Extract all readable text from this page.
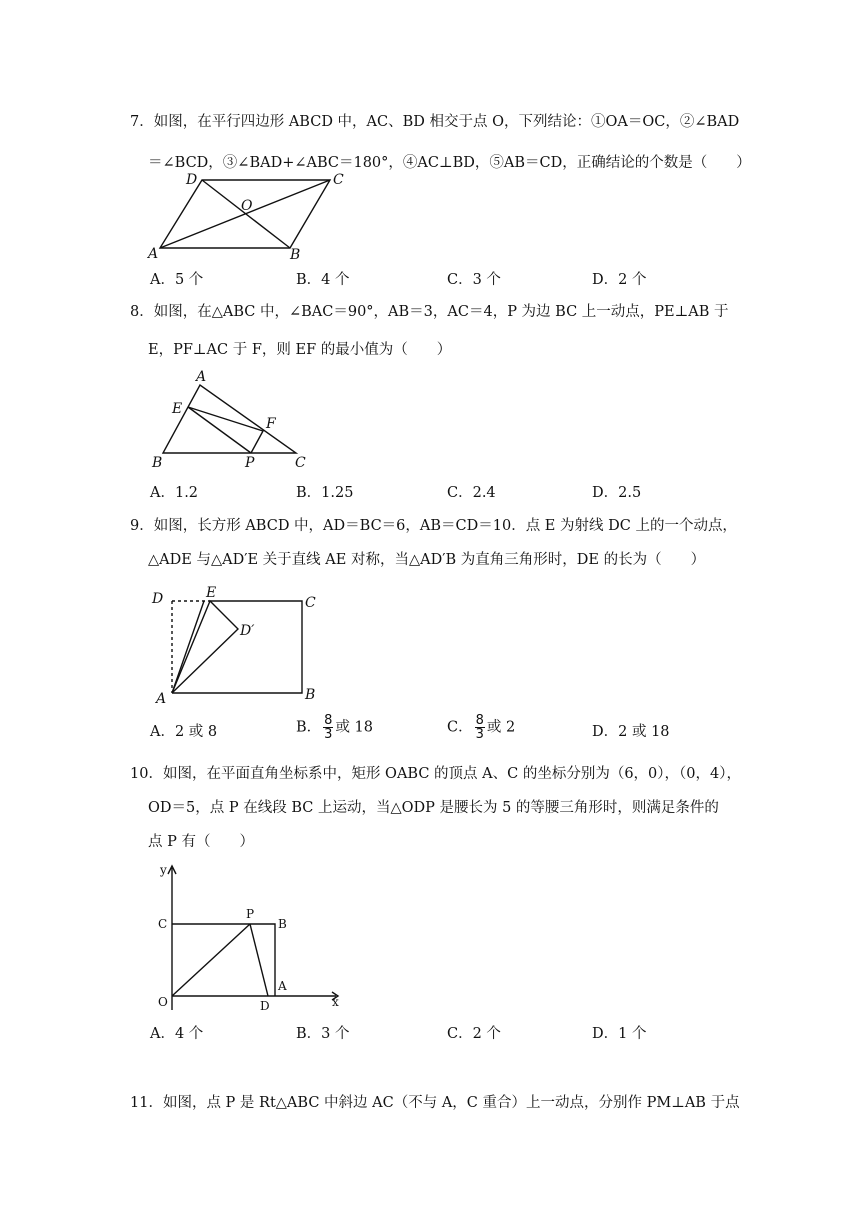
7．如图，在平行四边形 ABCD 中，AC、BD 相交于点 O，下列结论：①OA＝OC，②∠BAD
＝∠BCD，③∠BAD+∠ABC＝180°，④AC⊥BD，⑤AB＝CD，正确结论的个数是（　　）
D	C
O
A	B
A．5 个	B．4 个	C．3 个	D．2 个
8．如图，在△ABC 中，∠BAC＝90°，AB＝3，AC＝4，P 为边 BC 上一动点，PE⊥AB 于
E，PF⊥AC 于 F，则 EF 的最小值为（　　）
A
E
F
B	P	C
A．1.2	B．1.25	C．2.4	D．2.5
9．如图，长方形 ABCD 中，AD＝BC＝6，AB＝CD＝10．点 E 为射线 DC 上的一个动点，
△ADE 与△AD′E 关于直线 AE 对称，当△AD′B 为直角三角形时，DE 的长为（　　）
D	E
C
D′
A	B
A．2 或 8	B． $\frac{8}{3}$ 或 18	C． $\frac{8}{3}$ 或 2	D．2 或 18
10．如图，在平面直角坐标系中，矩形 OABC 的顶点 A、C 的坐标分别为（6，0），（0，4），
OD＝5，点 P 在线段 BC 上运动，当△ODP 是腰长为 5 的等腰三角形时，则满足条件的
点 P 有（　　）
y
x
C
P
B
O	D
A
A．4 个	B．3 个	C．2 个	D．1 个
11．如图，点 P 是 Rt△ABC 中斜边 AC（不与 A，C 重合）上一动点，分别作 PM⊥AB 于点
